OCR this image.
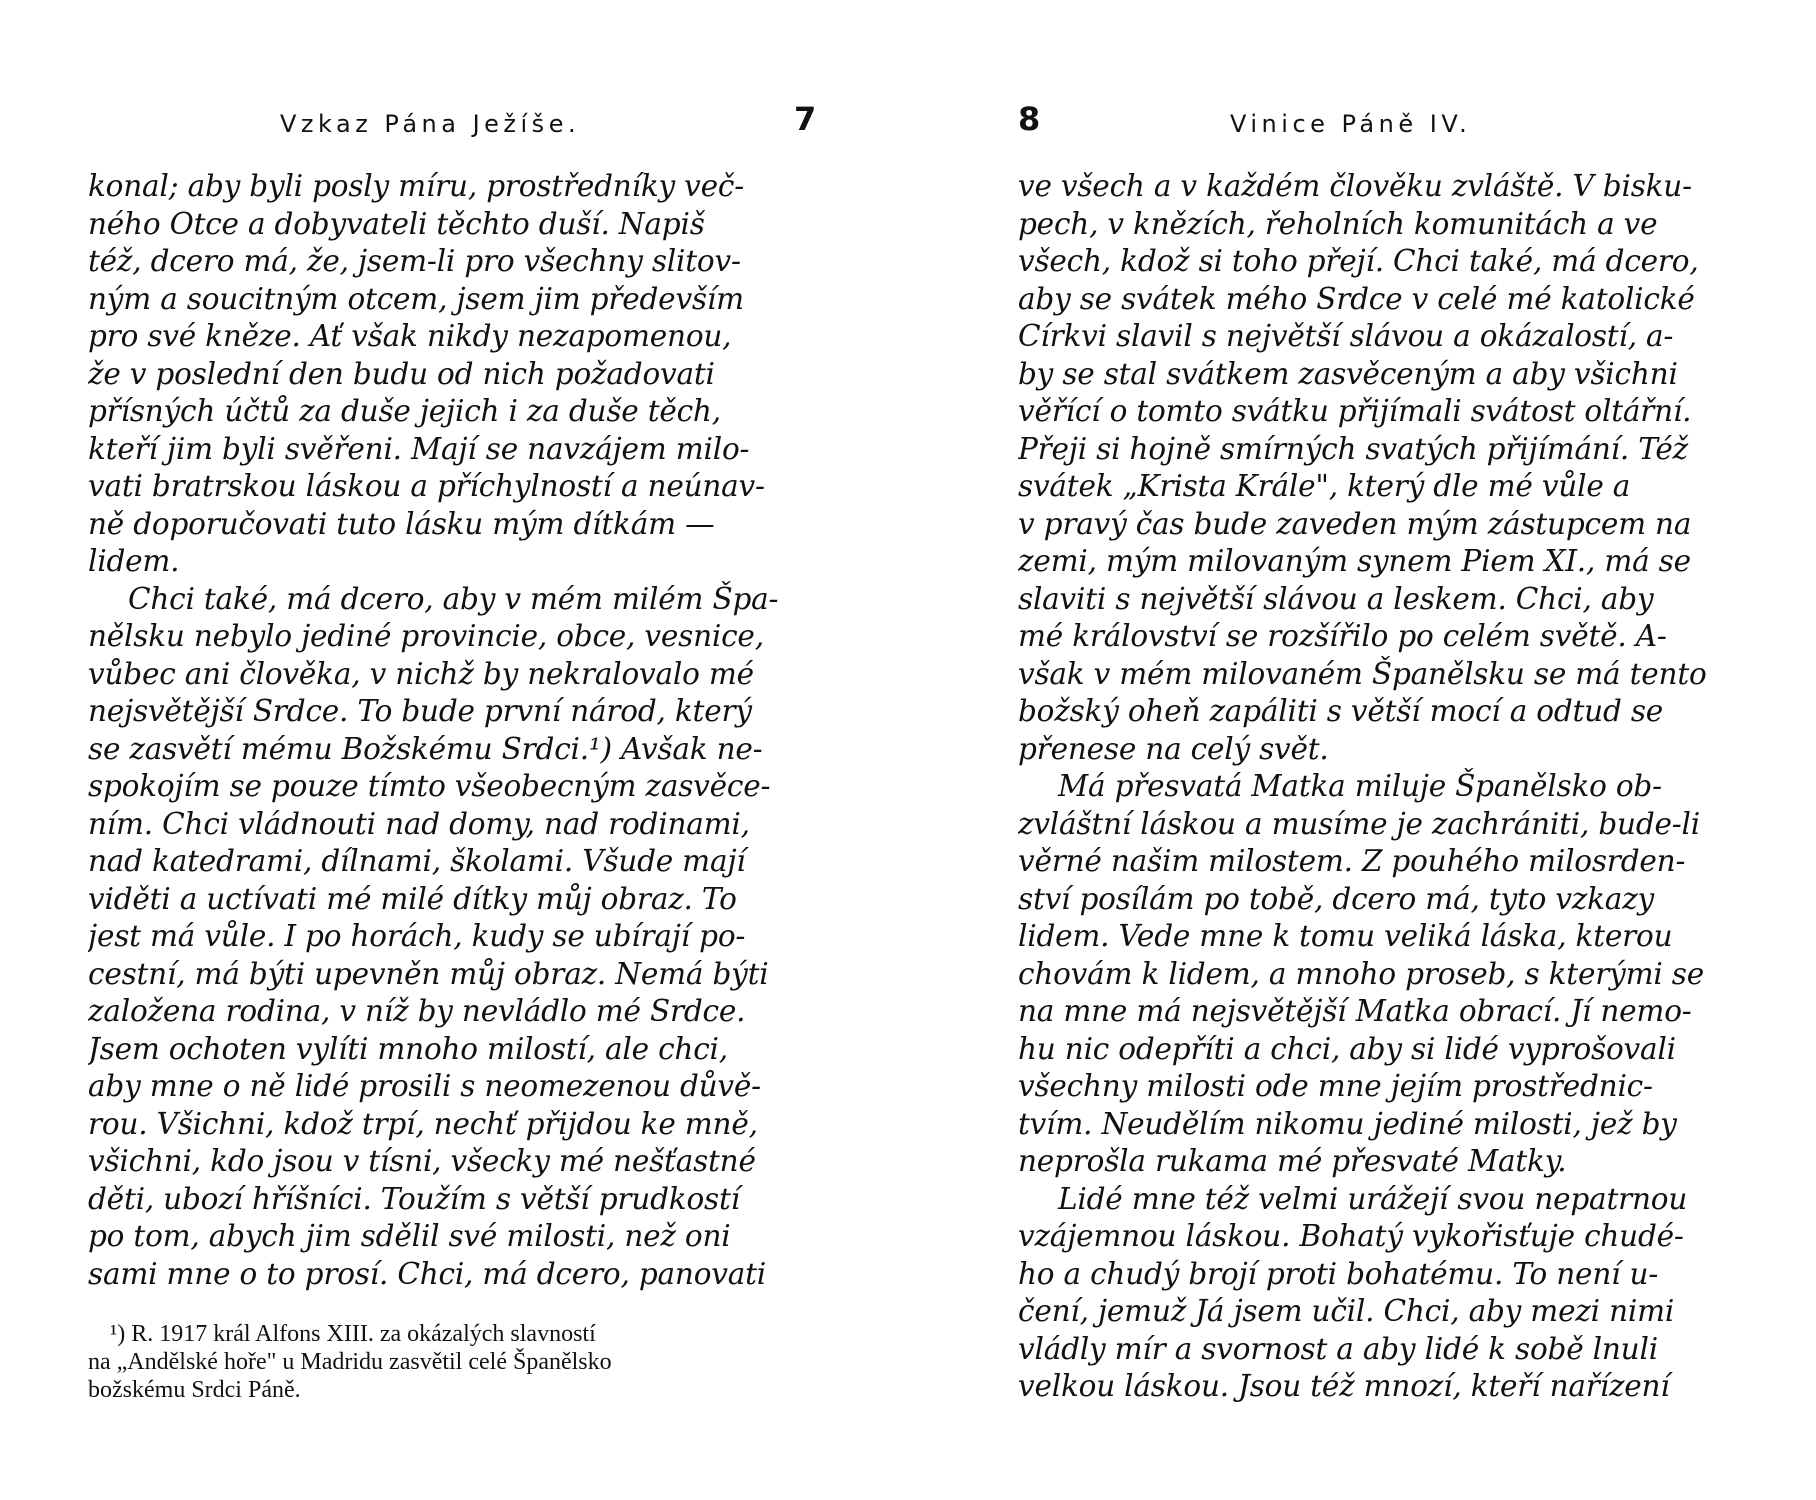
Vzkaz Pána Ježíše.	7
konal; aby byli posly míru, prostředníky več-
ného Otce a dobyvateli těchto duší. Napiš
též, dcero má, že, jsem-li pro všechny slitov-
ným a soucitným otcem, jsem jim především
pro své kněze. Ať však nikdy nezapomenou,
že v poslední den budu od nich požadovati
přísných účtů za duše jejich i za duše těch,
kteří jim byli svěřeni. Mají se navzájem milo-
vati bratrskou láskou a příchylností a neúnav-
ně doporučovati tuto lásku mým dítkám —
lidem.
Chci také, má dcero, aby v mém milém Špa-
nělsku nebylo jediné provincie, obce, vesnice,
vůbec ani člověka, v nichž by nekralovalo mé
nejsvětější Srdce. To bude první národ, který
se zasvětí mému Božskému Srdci.¹) Avšak ne-
spokojím se pouze tímto všeobecným zasvěce-
ním. Chci vládnouti nad domy, nad rodinami,
nad katedrami, dílnami, školami. Všude mají
viděti a uctívati mé milé dítky můj obraz. To
jest má vůle. I po horách, kudy se ubírají po-
cestní, má býti upevněn můj obraz. Nemá býti
založena rodina, v níž by nevládlo mé Srdce.
Jsem ochoten vylíti mnoho milostí, ale chci,
aby mne o ně lidé prosili s neomezenou důvě-
rou. Všichni, kdož trpí, nechť přijdou ke mně,
všichni, kdo jsou v tísni, všecky mé nešťastné
děti, ubozí hříšníci. Toužím s větší prudkostí
po tom, abych jim sdělil své milosti, než oni
sami mne o to prosí. Chci, má dcero, panovati
¹) R. 1917 král Alfons XIII. za okázalých slavností
na „Andělské hoře" u Madridu zasvětil celé Španělsko
božskému Srdci Páně.
8	Vinice Páně IV.
ve všech a v každém člověku zvláště. V bisku-
pech, v knězích, řeholních komunitách a ve
všech, kdož si toho přejí. Chci také, má dcero,
aby se svátek mého Srdce v celé mé katolické
Církvi slavil s největší slávou a okázalostí, a-
by se stal svátkem zasvěceným a aby všichni
věřící o tomto svátku přijímali svátost oltářní.
Přeji si hojně smírných svatých přijímání. Též
svátek „Krista Krále", který dle mé vůle a
v pravý čas bude zaveden mým zástupcem na
zemi, mým milovaným synem Piem XI., má se
slaviti s největší slávou a leskem. Chci, aby
mé království se rozšířilo po celém světě. A-
však v mém milovaném Španělsku se má tento
božský oheň zapáliti s větší mocí a odtud se
přenese na celý svět.
Má přesvatá Matka miluje Španělsko ob-
zvláštní láskou a musíme je zachrániti, bude-li
věrné našim milostem. Z pouhého milosrden-
ství posílám po tobě, dcero má, tyto vzkazy
lidem. Vede mne k tomu veliká láska, kterou
chovám k lidem, a mnoho proseb, s kterými se
na mne má nejsvětější Matka obrací. Jí nemo-
hu nic odepříti a chci, aby si lidé vyprošovali
všechny milosti ode mne jejím prostřednic-
tvím. Neudělím nikomu jediné milosti, jež by
neprošla rukama mé přesvaté Matky.
Lidé mne též velmi urážejí svou nepatrnou
vzájemnou láskou. Bohatý vykořisťuje chudé-
ho a chudý brojí proti bohatému. To není u-
čení, jemuž Já jsem učil. Chci, aby mezi nimi
vládly mír a svornost a aby lidé k sobě lnuli
velkou láskou. Jsou též mnozí, kteří nařízení
